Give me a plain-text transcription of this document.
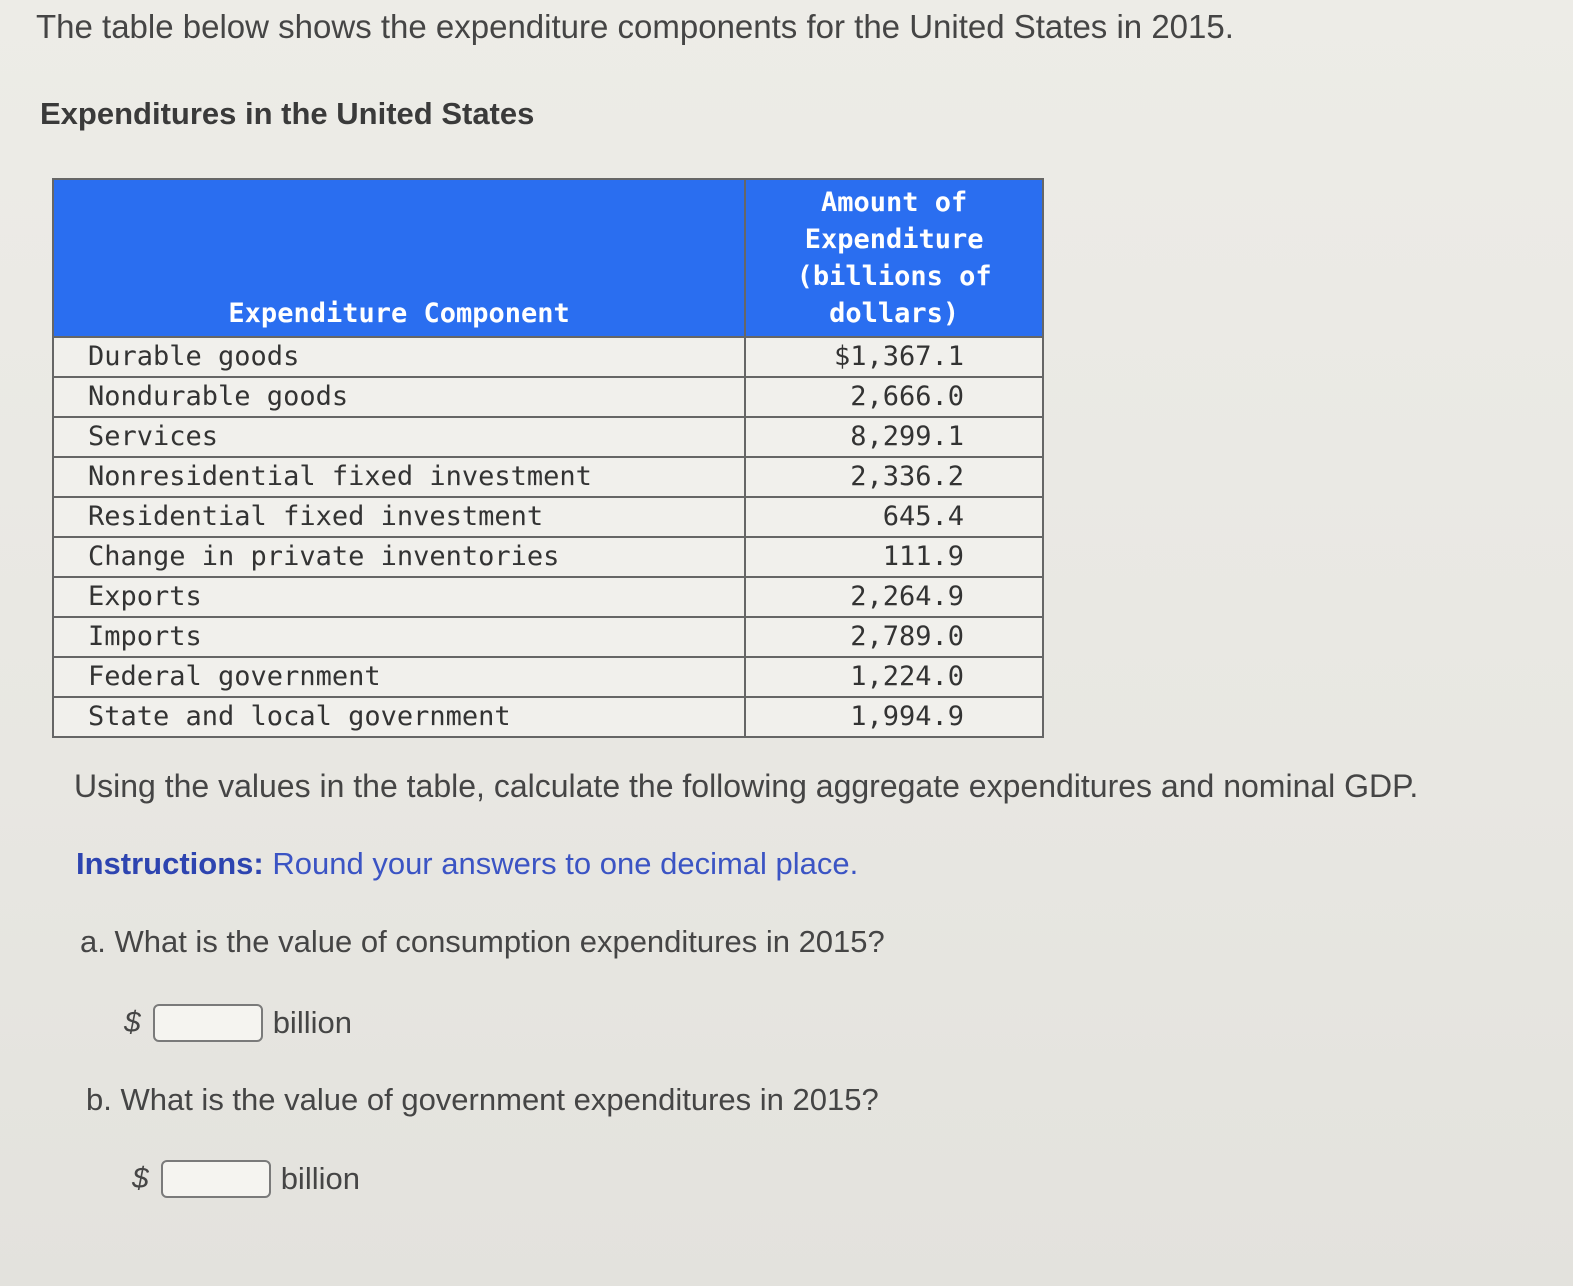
The table below shows the expenditure components for the United States in 2015.

Expenditures in the United States
Expenditure Component	Amount of
Expenditure
(billions of
dollars)
Durable goods	$1,367.1
Nondurable goods	2,666.0
Services	8,299.1
Nonresidential fixed investment	2,336.2
Residential fixed investment	645.4
Change in private inventories	111.9
Exports	2,264.9
Imports	2,789.0
Federal government	1,224.0
State and local government	1,994.9

Using the values in the table, calculate the following aggregate expenditures and nominal GDP.

Instructions: Round your answers to one decimal place.

a. What is the value of consumption expenditures in 2015?

$	billion

b. What is the value of government expenditures in 2015?

$	billion
